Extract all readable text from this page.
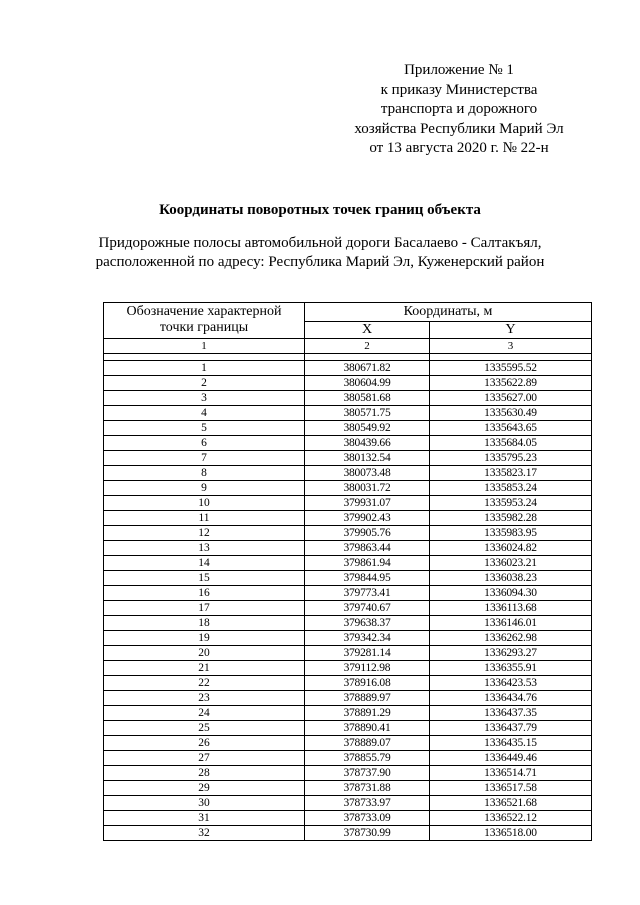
Приложение № 1
к приказу Министерства
транспорта и дорожного
хозяйства Республики Марий Эл
от 13 августа 2020 г. № 22-н
Координаты поворотных точек границ объекта
Придорожные полосы автомобильной дороги Басалаево - Салтакъял,
расположенной по адресу: Республика Марий Эл, Куженерский район
Обозначение характерной
точки границы	Координаты, м	
	X	Y
1	2	3

1	380671.82	1335595.52
2	380604.99	1335622.89
3	380581.68	1335627.00
4	380571.75	1335630.49
5	380549.92	1335643.65
6	380439.66	1335684.05
7	380132.54	1335795.23
8	380073.48	1335823.17
9	380031.72	1335853.24
10	379931.07	1335953.24
11	379902.43	1335982.28
12	379905.76	1335983.95
13	379863.44	1336024.82
14	379861.94	1336023.21
15	379844.95	1336038.23
16	379773.41	1336094.30
17	379740.67	1336113.68
18	379638.37	1336146.01
19	379342.34	1336262.98
20	379281.14	1336293.27
21	379112.98	1336355.91
22	378916.08	1336423.53
23	378889.97	1336434.76
24	378891.29	1336437.35
25	378890.41	1336437.79
26	378889.07	1336435.15
27	378855.79	1336449.46
28	378737.90	1336514.71
29	378731.88	1336517.58
30	378733.97	1336521.68
31	378733.09	1336522.12
32	378730.99	1336518.00
